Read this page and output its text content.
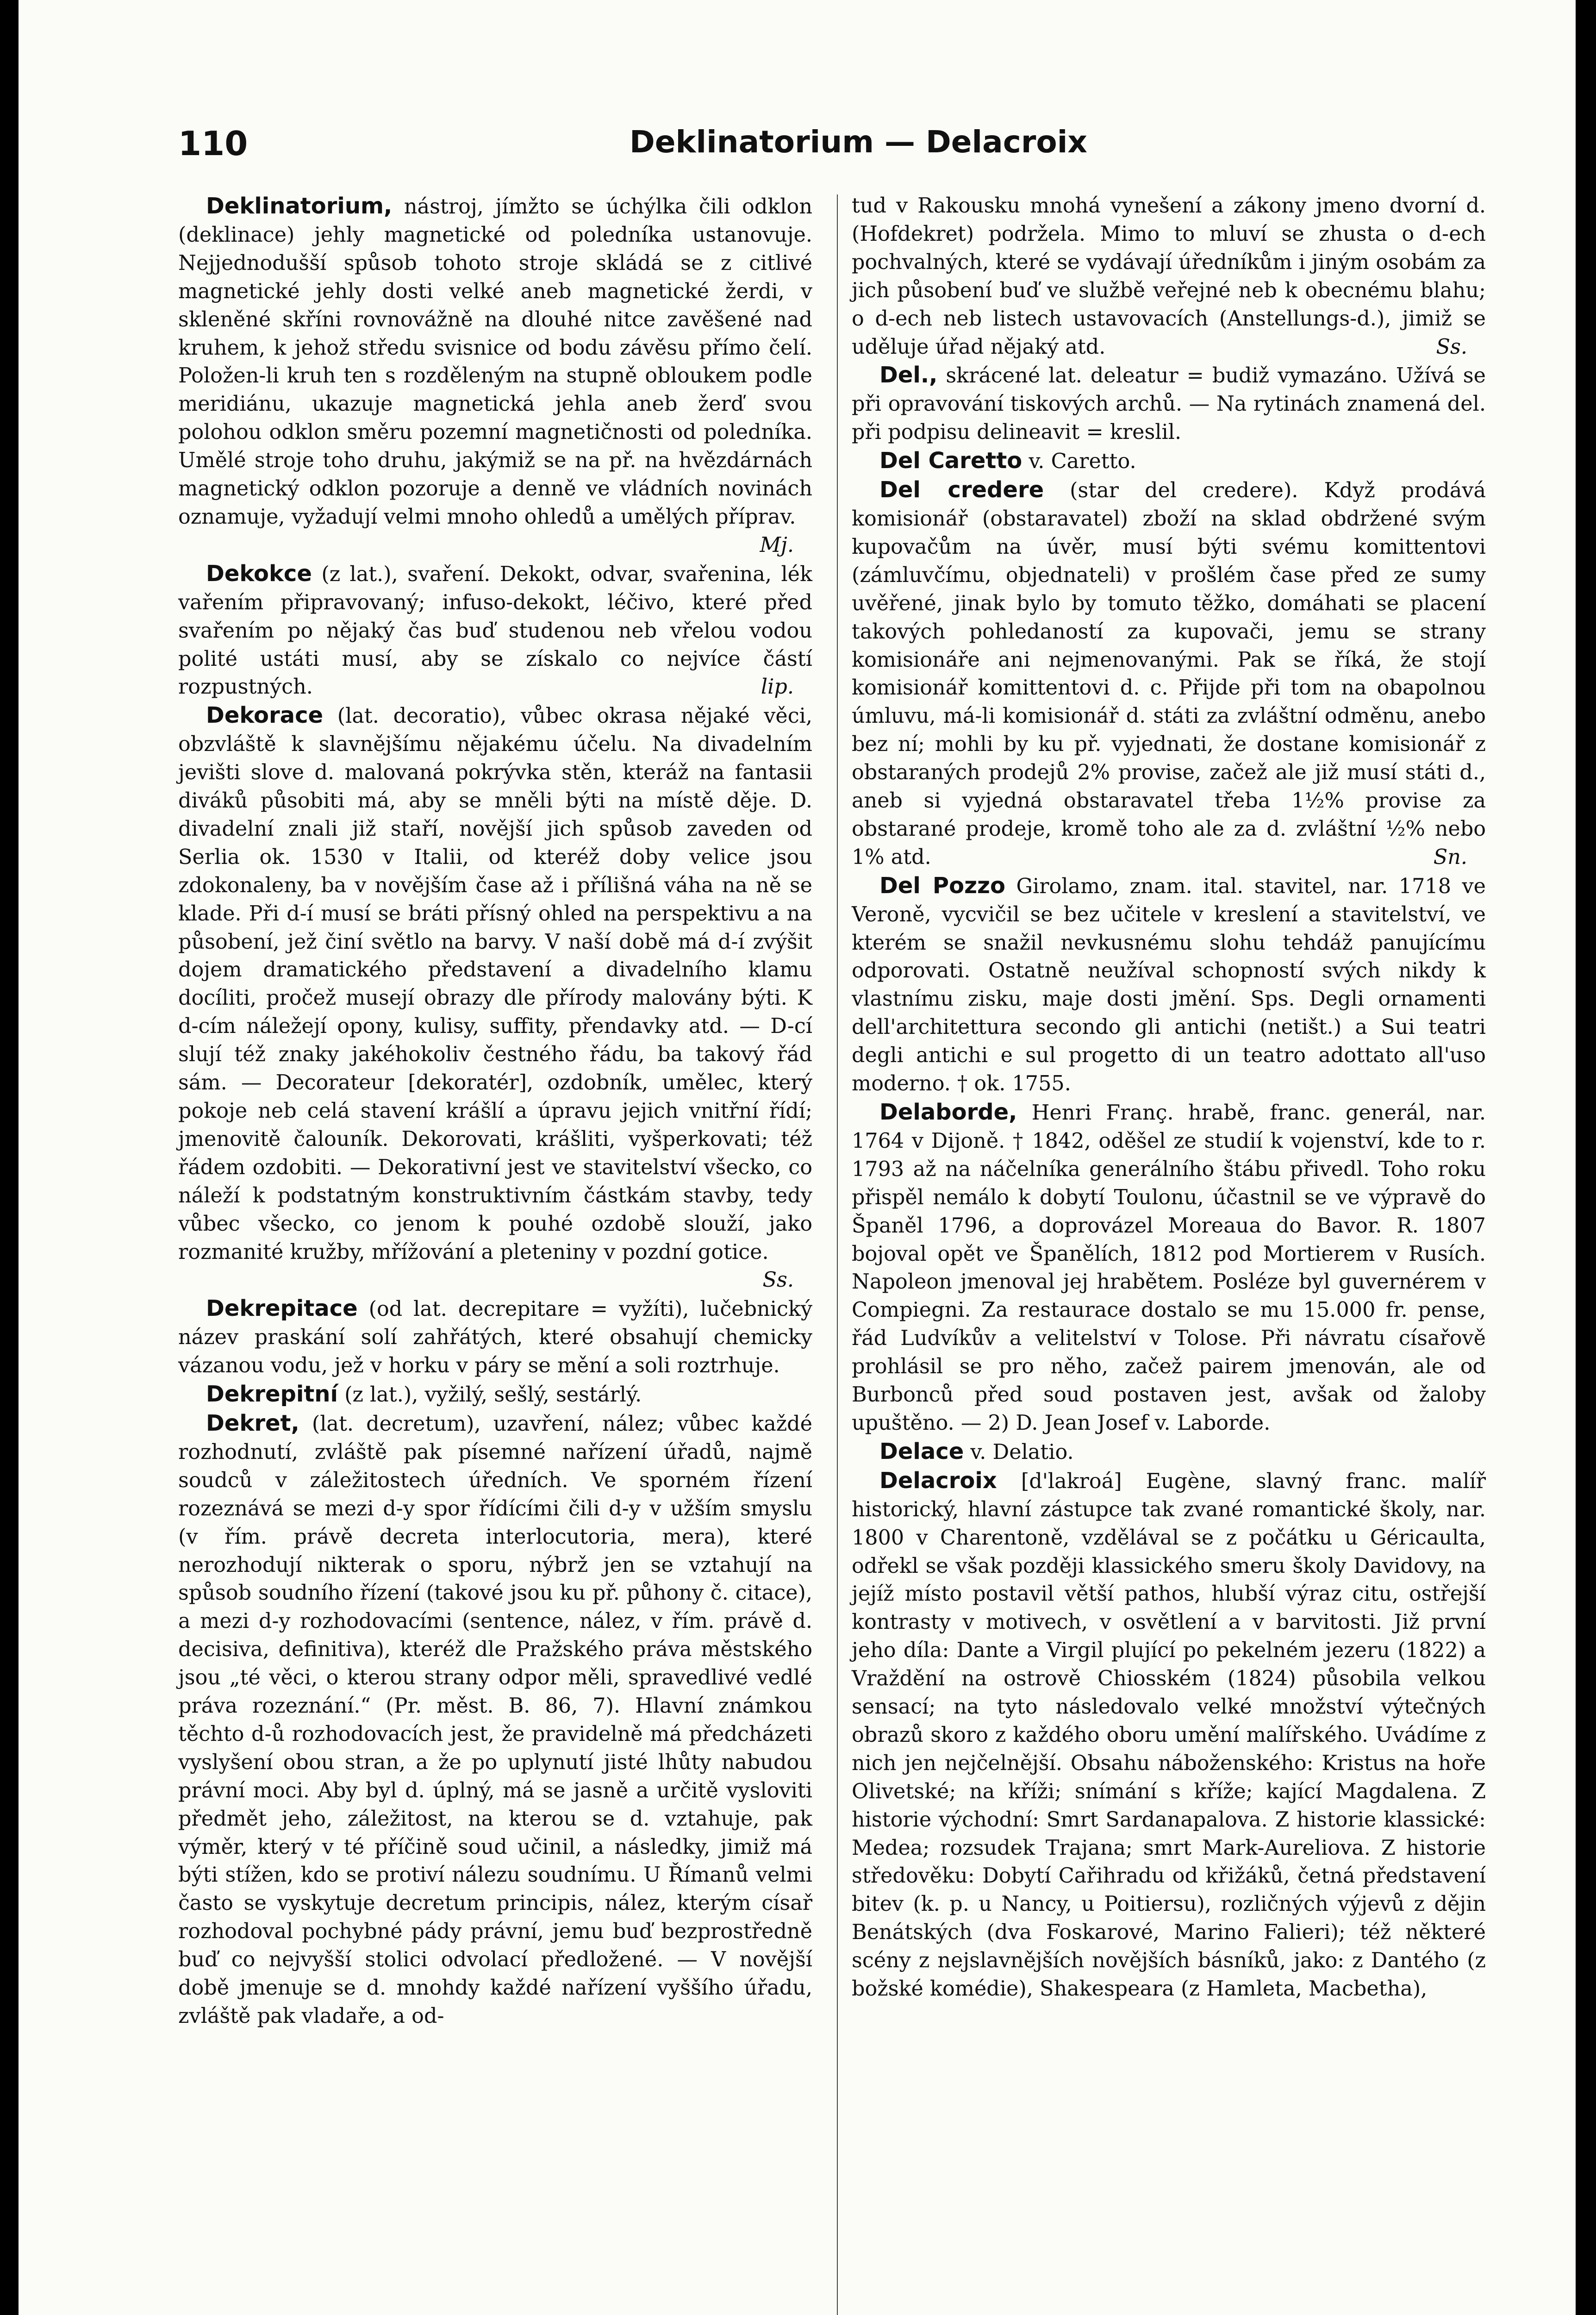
110	Deklinatorium — Delacroix

Deklinatorium, nástroj, jímžto se úchýlka čili odklon (deklinace) jehly magnetické od poledníka ustanovuje. Nejjednodušší spůsob tohoto stroje skládá se z citlivé magnetické jehly dosti velké aneb magnetické žerdi, v skleněné skříni rovnovážně na dlouhé nitce zavěšené nad kruhem, k jehož středu svisnice od bodu závěsu přímo čelí. Položen-li kruh ten s rozděleným na stupně obloukem podle meridiánu, ukazuje magnetická jehla aneb žerď svou polohou odklon směru pozemní magnetičnosti od poledníka. Umělé stroje toho druhu, jakýmiž se na př. na hvězdárnách magnetický odklon pozoruje a denně ve vládních novinách oznamuje, vyžadují velmi mnoho ohledů a umělých příprav.
Mj.

Dekokce (z lat.), svaření. Dekokt, odvar, svařenina, lék vařením připravovaný; infuso-dekokt, léčivo, které před svařením po nějaký čas buď studenou neb vřelou vodou polité ustáti musí, aby se získalo co nejvíce částí rozpustných.	lip.

Dekorace (lat. decoratio), vůbec okrasa nějaké věci, obzvláště k slavnějšímu nějakému účelu. Na divadelním jevišti slove d. malovaná pokrývka stěn, kteráž na fantasii diváků působiti má, aby se mněli býti na místě děje. D. divadelní znali již staří, novější jich spůsob zaveden od Serlia ok. 1530 v Italii, od kteréž doby velice jsou zdokonaleny, ba v novějším čase až i přílišná váha na ně se klade. Při d-í musí se bráti přísný ohled na perspektivu a na působení, jež činí světlo na barvy. V naší době má d-í zvýšit dojem dramatického představení a divadelního klamu docíliti, pročež musejí obrazy dle přírody malovány býti. K d-cím náležejí opony, kulisy, suffity, přendavky atd. — D-cí slují též znaky jakéhokoliv čestného řádu, ba takový řád sám. — Decorateur [dekoratér], ozdobník, umělec, který pokoje neb celá stavení krášlí a úpravu jejich vnitřní řídí; jmenovitě čalouník. Dekorovati, krášliti, vyšperkovati; též řádem ozdobiti. — Dekorativní jest ve stavitelství všecko, co náleží k podstatným konstruktivním částkám stavby, tedy vůbec všecko, co jenom k pouhé ozdobě slouží, jako rozmanité kružby, mřížování a pleteniny v pozdní gotice.
Ss.

Dekrepitace (od lat. decrepitare = vyžíti), lučebnický název praskání solí zahřátých, které obsahují chemicky vázanou vodu, jež v horku v páry se mění a soli roztrhuje.

Dekrepitní (z lat.), vyžilý, sešlý, sestárlý.

Dekret, (lat. decretum), uzavření, nález; vůbec každé rozhodnutí, zvláště pak písemné nařízení úřadů, najmě soudců v záležitostech úředních. Ve sporném řízení rozeznává se mezi d-y spor řídícími čili d-y v užším smyslu (v řím. právě decreta interlocutoria, mera), které nerozhodují nikterak o sporu, nýbrž jen se vztahují na spůsob soudního řízení (takové jsou ku př. půhony č. citace), a mezi d-y rozhodovacími (sentence, nález, v řím. právě d. decisiva, definitiva), kteréž dle Pražského práva městského jsou „té věci, o kterou strany odpor měli, spravedlivé vedlé práva rozeznání.“ (Pr. měst. B. 86, 7). Hlavní známkou těchto d-ů rozhodovacích jest, že pravidelně má předcházeti vyslyšení obou stran, a že po uplynutí jisté lhůty nabudou právní moci. Aby byl d. úplný, má se jasně a určitě vysloviti předmět jeho, záležitost, na kterou se d. vztahuje, pak výměr, který v té příčině soud učinil, a následky, jimiž má býti stížen, kdo se protiví nálezu soudnímu. U Římanů velmi často se vyskytuje decretum principis, nález, kterým císař rozhodoval pochybné pády právní, jemu buď bezprostředně buď co nejvyšší stolici odvolací předložené. — V novější době jmenuje se d. mnohdy každé nařízení vyššího úřadu, zvláště pak vladaře, a od-

tud v Rakousku mnohá vynešení a zákony jmeno dvorní d. (Hofdekret) podržela. Mimo to mluví se zhusta o d-ech pochvalných, které se vydávají úředníkům i jiným osobám za jich působení buď ve službě veřejné neb k obecnému blahu; o d-ech neb listech ustavovacích (Anstellungs-d.), jimiž se uděluje úřad nějaký atd.	Ss.

Del., skrácené lat. deleatur = budiž vymazáno. Užívá se při opravování tiskových archů. — Na rytinách znamená del. při podpisu delineavit = kreslil.

Del Caretto v. Caretto.

Del credere (star del credere). Když prodává komisionář (obstaravatel) zboží na sklad obdržené svým kupovačům na úvěr, musí býti svému komittentovi (zámluvčímu, objednateli) v prošlém čase před ze sumy uvěřené, jinak bylo by tomuto těžko, domáhati se placení takových pohledaností za kupovači, jemu se strany komisionáře ani nejmenovanými. Pak se říká, že stojí komisionář komittentovi d. c. Přijde při tom na obapolnou úmluvu, má-li komisionář d. státi za zvláštní odměnu, anebo bez ní; mohli by ku př. vyjednati, že dostane komisionář z obstaraných prodejů 2% provise, začež ale již musí státi d., aneb si vyjedná obstaravatel třeba 1½% provise za obstarané prodeje, kromě toho ale za d. zvláštní ½% nebo 1% atd.	Sn.

Del Pozzo Girolamo, znam. ital. stavitel, nar. 1718 ve Veroně, vycvičil se bez učitele v kreslení a stavitelství, ve kterém se snažil nevkusnému slohu tehdáž panujícímu odporovati. Ostatně neužíval schopností svých nikdy k vlastnímu zisku, maje dosti jmění. Sps. Degli ornamenti dell'architettura secondo gli antichi (netišt.) a Sui teatri degli antichi e sul progetto di un teatro adottato all'uso moderno. † ok. 1755.

Delaborde, Henri Franç. hrabě, franc. generál, nar. 1764 v Dijoně. † 1842, oděšel ze studií k vojenství, kde to r. 1793 až na náčelníka generálního štábu přivedl. Toho roku přispěl nemálo k dobytí Toulonu, účastnil se ve výpravě do Španěl 1796, a doprovázel Moreaua do Bavor. R. 1807 bojoval opět ve Španělích, 1812 pod Mortierem v Rusích. Napoleon jmenoval jej hrabětem. Posléze byl guvernérem v Compiegni. Za restaurace dostalo se mu 15.000 fr. pense, řád Ludvíkův a velitelství v Tolose. Při návratu císařově prohlásil se pro něho, začež pairem jmenován, ale od Burbonců před soud postaven jest, avšak od žaloby upuštěno. — 2) D. Jean Josef v. Laborde.

Delace v. Delatio.

Delacroix [d'lakroá] Eugène, slavný franc. malíř historický, hlavní zástupce tak zvané romantické školy, nar. 1800 v Charentoně, vzdělával se z počátku u Géricaulta, odřekl se však později klassického smeru školy Davidovy, na jejíž místo postavil větší pathos, hlubší výraz citu, ostřejší kontrasty v motivech, v osvětlení a v barvitosti. Již první jeho díla: Dante a Virgil plující po pekelném jezeru (1822) a Vraždění na ostrově Chiosském (1824) působila velkou sensací; na tyto následovalo velké množství výtečných obrazů skoro z každého oboru umění malířského. Uvádíme z nich jen nejčelnější. Obsahu náboženského: Kristus na hoře Olivetské; na kříži; snímání s kříže; kající Magdalena. Z historie východní: Smrt Sardanapalova. Z historie klassické: Medea; rozsudek Trajana; smrt Mark-Aureliova. Z historie středověku: Dobytí Cařihradu od křižáků, četná představení bitev (k. p. u Nancy, u Poitiersu), rozličných výjevů z dějin Benátských (dva Foskarové, Marino Falieri); též některé scény z nejslavnějších novějších básníků, jako: z Dantého (z božské komédie), Shakespeara (z Hamleta, Macbetha),
